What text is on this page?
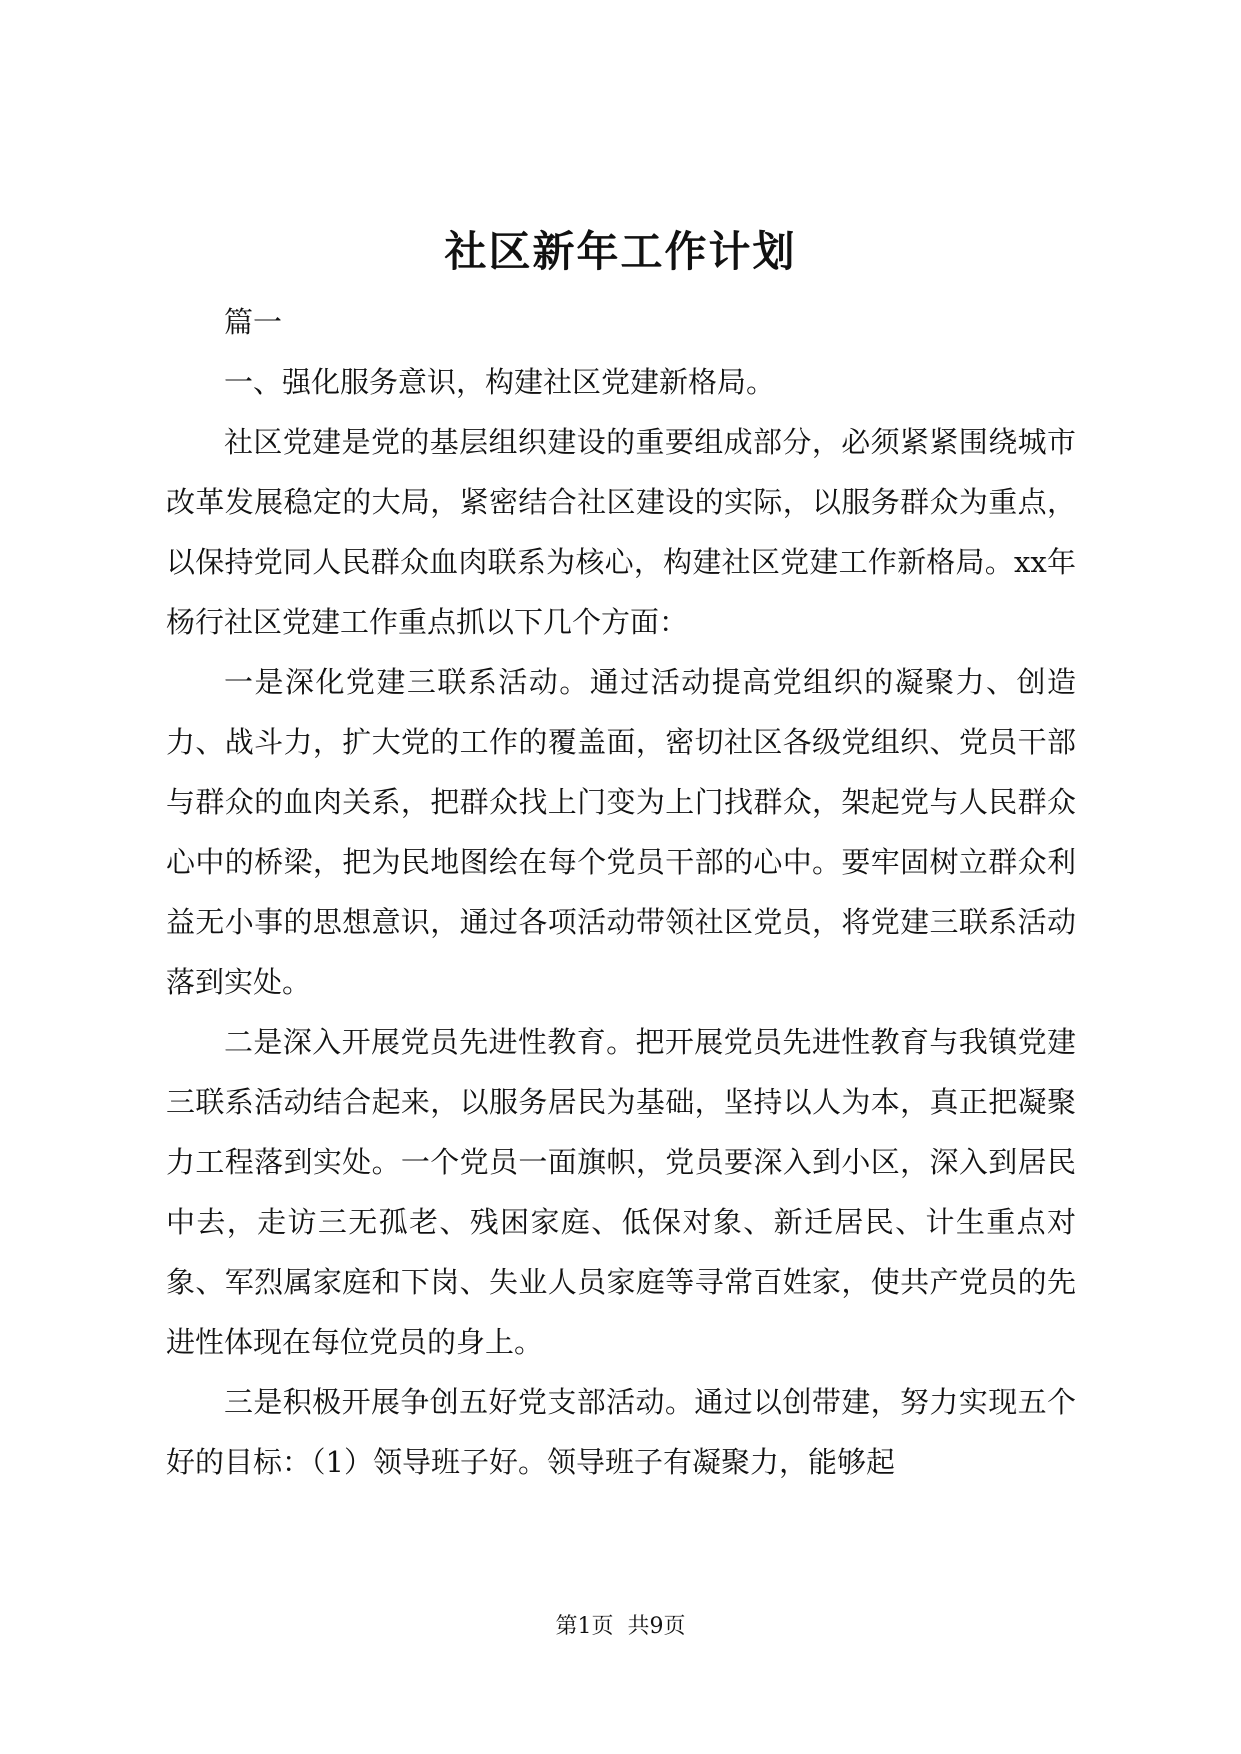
社区新年工作计划

篇一

一、强化服务意识，构建社区党建新格局。

社区党建是党的基层组织建设的重要组成部分，必须紧紧围绕城市改革发展稳定的大局，紧密结合社区建设的实际，以服务群众为重点，以保持党同人民群众血肉联系为核心，构建社区党建工作新格局。xx年杨行社区党建工作重点抓以下几个方面：

一是深化党建三联系活动。通过活动提高党组织的凝聚力、创造力、战斗力，扩大党的工作的覆盖面，密切社区各级党组织、党员干部与群众的血肉关系，把群众找上门变为上门找群众，架起党与人民群众心中的桥梁，把为民地图绘在每个党员干部的心中。要牢固树立群众利益无小事的思想意识，通过各项活动带领社区党员，将党建三联系活动落到实处。

二是深入开展党员先进性教育。把开展党员先进性教育与我镇党建三联系活动结合起来，以服务居民为基础，坚持以人为本，真正把凝聚力工程落到实处。一个党员一面旗帜，党员要深入到小区，深入到居民中去，走访三无孤老、残困家庭、低保对象、新迁居民、计生重点对象、军烈属家庭和下岗、失业人员家庭等寻常百姓家，使共产党员的先进性体现在每位党员的身上。

三是积极开展争创五好党支部活动。通过以创带建，努力实现五个好的目标：（1）领导班子好。领导班子有凝聚力，能够起

第1页 共9页
